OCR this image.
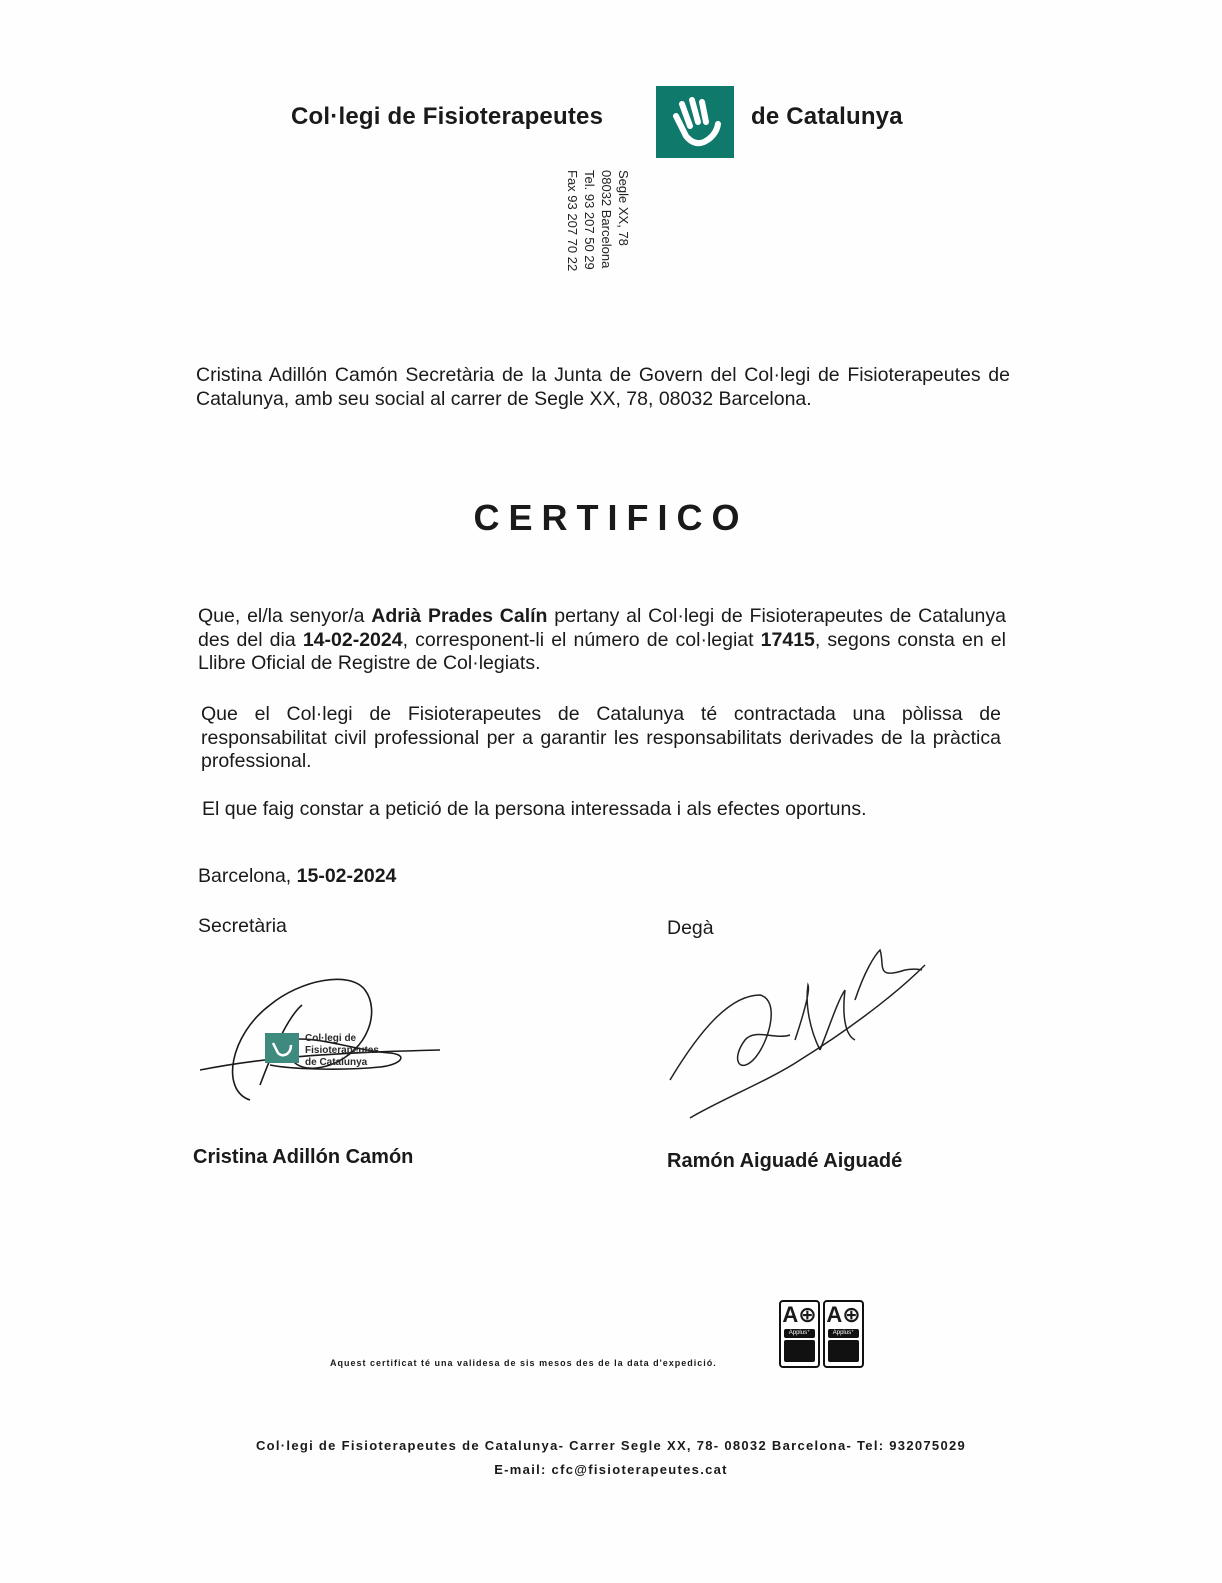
Col·legi de Fisioterapeutes	de Catalunya
Segle XX, 78
08032 Barcelona
Tel. 93 207 50 29
Fax 93 207 70 22
Cristina Adillón Camón Secretària de la Junta de Govern del Col·legi de Fisioterapeutes de Catalunya, amb seu social al carrer de Segle XX, 78, 08032 Barcelona.
CERTIFICO
Que, el/la senyor/a Adrià Prades Calín pertany al Col·legi de Fisioterapeutes de Catalunya des del dia 14-02-2024, corresponent-li el número de col·legiat 17415, segons consta en el Llibre Oficial de Registre de Col·legiats.
Que el Col·legi de Fisioterapeutes de Catalunya té contractada una pòlissa de responsabilitat civil professional per a garantir les responsabilitats derivades de la pràctica professional.
El que faig constar a petició de la persona interessada i als efectes oportuns.
Barcelona, 15-02-2024
Secretària	Degà
Col·legi de
Fisioterapeutes
de Catalunya
Cristina Adillón Camón	Ramón Aiguadé Aiguadé
Aquest certificat té una validesa de sis mesos des de la data d'expedició.
A⊕
Applus⁺
A⊕
Applus⁺
Col·legi de Fisioterapeutes de Catalunya- Carrer Segle XX, 78- 08032 Barcelona- Tel: 932075029
E-mail: cfc@fisioterapeutes.cat
